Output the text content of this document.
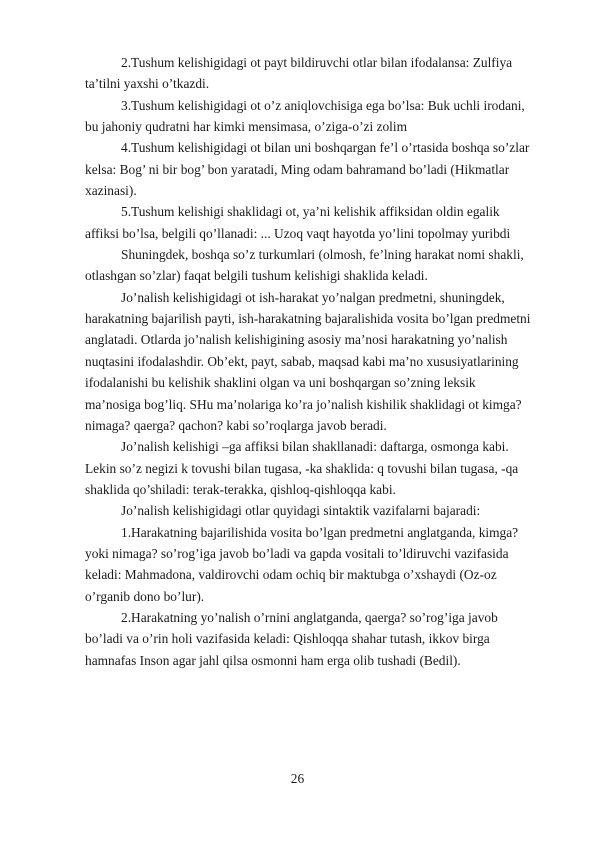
2.Tushum kelishigidagi ot payt bildiruvchi otlar bilan ifodalansa: Zulfiya
ta’tilni yaxshi o’tkazdi.
3.Tushum kelishigidagi ot o’z aniqlovchisiga ega bo’lsa: Buk uchli irodani,
bu jahoniy qudratni har kimki mensimasa, o’ziga-o’zi zolim
4.Tushum kelishigidagi ot bilan uni boshqargan fe’l o’rtasida boshqa so’zlar
kelsa: Bog’ ni bir bog’ bon yaratadi, Ming odam bahramand bo’ladi (Hikmatlar
xazinasi).
5.Tushum kelishigi shaklidagi ot, ya’ni kelishik affiksidan oldin egalik
affiksi bo’lsa, belgili qo’llanadi: ... Uzoq vaqt hayotda yo’lini topolmay yuribdi
Shuningdek, boshqa so’z turkumlari (olmosh, fe’lning harakat nomi shakli,
otlashgan so’zlar) faqat belgili tushum kelishigi shaklida keladi.
Jo’nalish kelishigidagi ot ish-harakat yo’nalgan predmetni, shuningdek,
harakatning bajarilish payti, ish-harakatning bajaralishida vosita bo’lgan predmetni
anglatadi. Otlarda jo’nalish kelishigining asosiy ma’nosi harakatning yo’nalish
nuqtasini ifodalashdir. Ob’ekt, payt, sabab, maqsad kabi ma’no xususiyatlarining
ifodalanishi bu kelishik shaklini olgan va uni boshqargan so’zning leksik
ma’nosiga bog’liq. SHu ma’nolariga ko’ra jo’nalish kishilik shaklidagi ot kimga?
nimaga? qaerga? qachon? kabi so’roqlarga javob beradi.
Jo’nalish kelishigi –ga affiksi bilan shakllanadi: daftarga, osmonga kabi.
Lekin so’z negizi k tovushi bilan tugasa, -ka shaklida: q tovushi bilan tugasa, -qa
shaklida qo’shiladi: terak-terakka, qishloq-qishloqqa kabi.
Jo’nalish kelishigidagi otlar quyidagi sintaktik vazifalarni bajaradi:
1.Harakatning bajarilishida vosita bo’lgan predmetni anglatganda, kimga?
yoki nimaga? so’rog’iga javob bo’ladi va gapda vositali to’ldiruvchi vazifasida
keladi: Mahmadona, valdirovchi odam ochiq bir maktubga o’xshaydi (Oz-oz
o’rganib dono bo’lur).
2.Harakatning yo’nalish o’rnini anglatganda, qaerga? so’rog’iga javob
bo’ladi va o’rin holi vazifasida keladi: Qishloqqa shahar tutash, ikkov birga
hamnafas Inson agar jahl qilsa osmonni ham erga olib tushadi (Bedil).
26
